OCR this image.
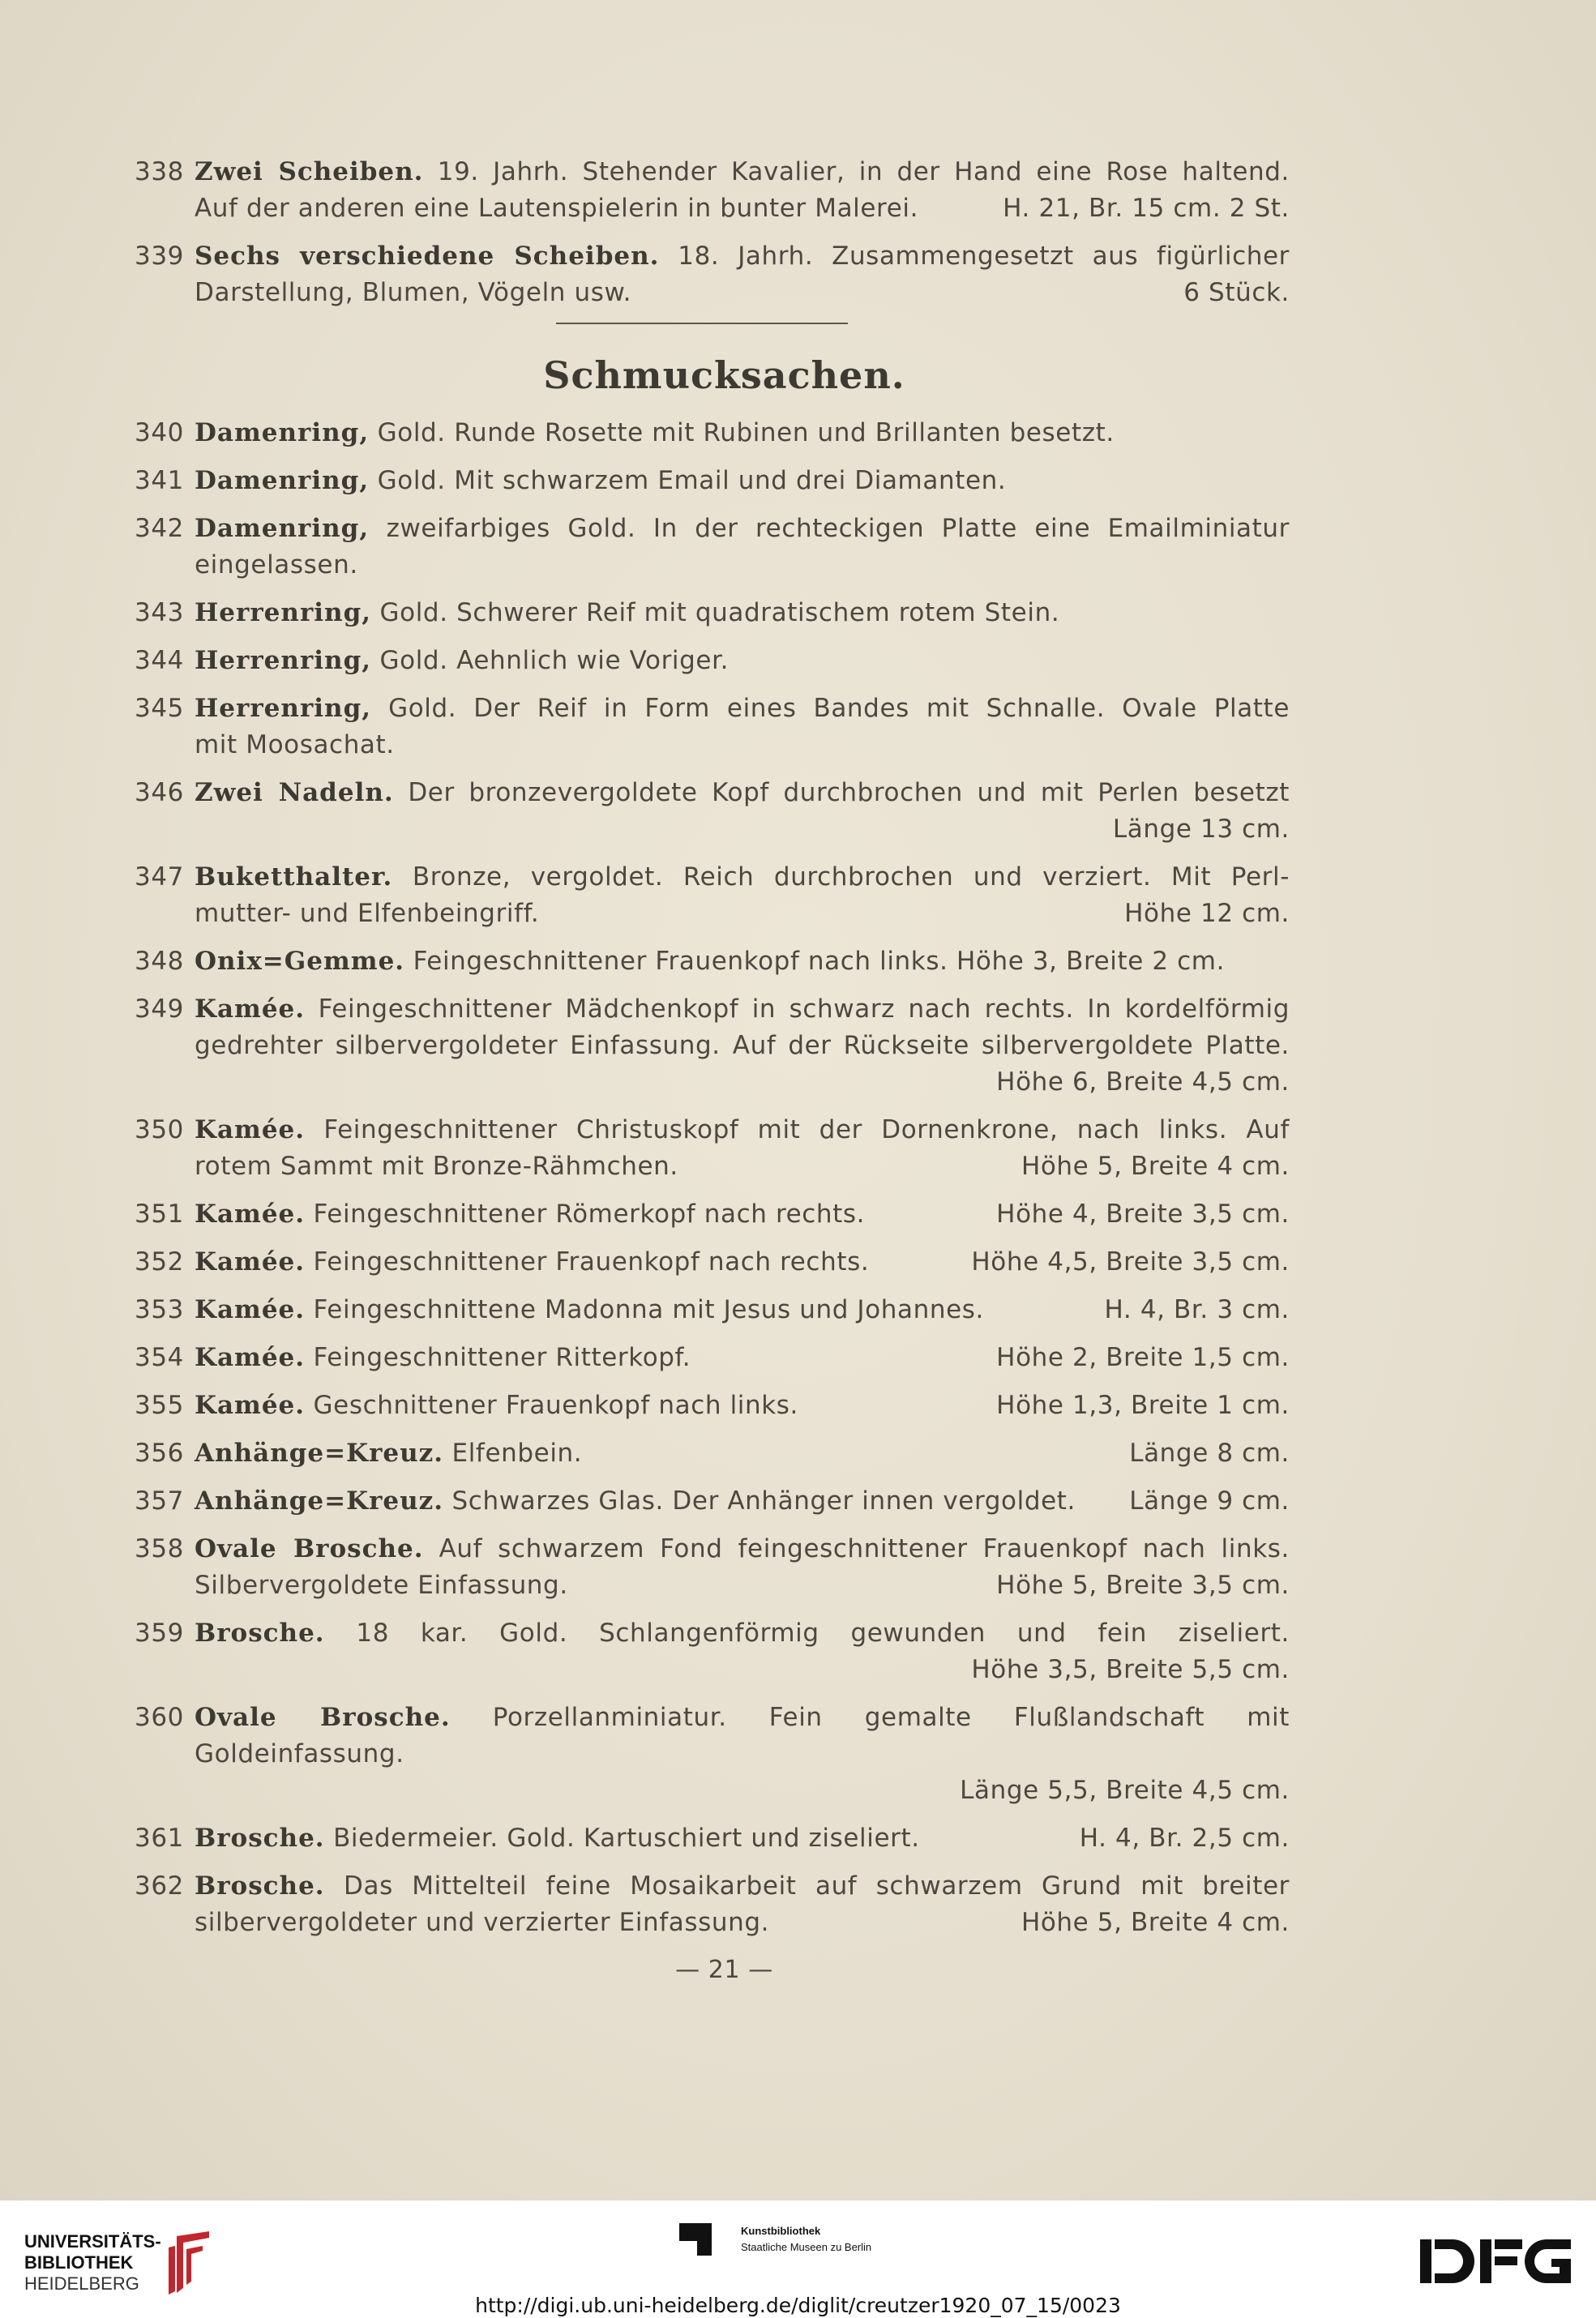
338 Zwei Scheiben. 19. Jahrh. Stehender Kavalier, in der Hand eine Rose haltend.
Auf der anderen eine Lautenspielerin in bunter Malerei.	H. 21, Br. 15 cm. 2 St.
339 Sechs verschiedene Scheiben. 18. Jahrh. Zusammengesetzt aus figürlicher
Darstellung, Blumen, Vögeln usw.	6 Stück.
Schmucksachen.
340 Damenring, Gold. Runde Rosette mit Rubinen und Brillanten besetzt.
341 Damenring, Gold. Mit schwarzem Email und drei Diamanten.
342 Damenring, zweifarbiges Gold. In der rechteckigen Platte eine Emailminiatur
eingelassen.
343 Herrenring, Gold. Schwerer Reif mit quadratischem rotem Stein.
344 Herrenring, Gold. Aehnlich wie Voriger.
345 Herrenring, Gold. Der Reif in Form eines Bandes mit Schnalle. Ovale Platte
mit Moosachat.
346 Zwei Nadeln. Der bronzevergoldete Kopf durchbrochen und mit Perlen besetzt
Länge 13 cm.
347 Buketthalter. Bronze, vergoldet. Reich durchbrochen und verziert. Mit Perl-
mutter- und Elfenbeingriff.	Höhe 12 cm.
348 Onix=Gemme. Feingeschnittener Frauenkopf nach links. Höhe 3, Breite 2 cm.
349 Kamée. Feingeschnittener Mädchenkopf in schwarz nach rechts. In kordelförmig
gedrehter silbervergoldeter Einfassung. Auf der Rückseite silbervergoldete Platte.
Höhe 6, Breite 4,5 cm.
350 Kamée. Feingeschnittener Christuskopf mit der Dornenkrone, nach links. Auf
rotem Sammt mit Bronze-Rähmchen.	Höhe 5, Breite 4 cm.
351 Kamée. Feingeschnittener Römerkopf nach rechts.	Höhe 4, Breite 3,5 cm.
352 Kamée. Feingeschnittener Frauenkopf nach rechts.	Höhe 4,5, Breite 3,5 cm.
353 Kamée. Feingeschnittene Madonna mit Jesus und Johannes.	H. 4, Br. 3 cm.
354 Kamée. Feingeschnittener Ritterkopf.	Höhe 2, Breite 1,5 cm.
355 Kamée. Geschnittener Frauenkopf nach links.	Höhe 1,3, Breite 1 cm.
356 Anhänge=Kreuz. Elfenbein.	Länge 8 cm.
357 Anhänge=Kreuz. Schwarzes Glas. Der Anhänger innen vergoldet. Länge 9 cm.
358 Ovale Brosche. Auf schwarzem Fond feingeschnittener Frauenkopf nach links.
Silbervergoldete Einfassung.	Höhe 5, Breite 3,5 cm.
359 Brosche. 18 kar. Gold. Schlangenförmig gewunden und fein ziseliert.
Höhe 3,5, Breite 5,5 cm.
360 Ovale Brosche. Porzellanminiatur. Fein gemalte Flußlandschaft mit Goldeinfassung.
Länge 5,5, Breite 4,5 cm.
361 Brosche. Biedermeier. Gold. Kartuschiert und ziseliert.	H. 4, Br. 2,5 cm.
362 Brosche. Das Mittelteil feine Mosaikarbeit auf schwarzem Grund mit breiter
silbervergoldeter und verzierter Einfassung.	Höhe 5, Breite 4 cm.
— 21 —
UNIVERSITÄTS-
BIBLIOTHEK
HEIDELBERG
Kunstbibliothek
Staatliche Museen zu Berlin
http://digi.ub.uni-heidelberg.de/diglit/creutzer1920_07_15/0023
